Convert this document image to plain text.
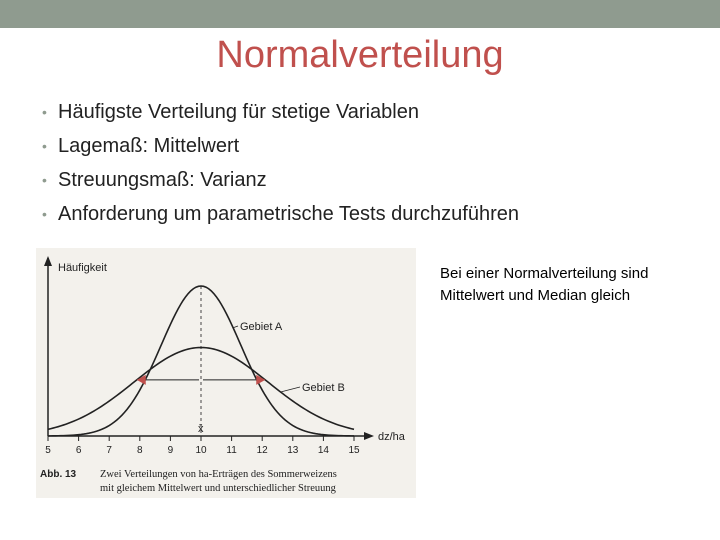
Normalverteilung
• Häufigste Verteilung für stetige Variablen
• Lagemaß: Mittelwert
• Streuungsmaß: Varianz
• Anforderung um parametrische Tests durchzuführen
Häufigkeit
dz/ha
5	6	7	8	9 10 11 12 13 14 15
Gebiet A
Gebiet B
x̄
Abb. 13 Zwei Verteilungen von ha-Erträgen des Sommerweizens
mit gleichem Mittelwert und unterschiedlicher Streuung
Bei einer Normalverteilung sind Mittelwert und Median gleich
